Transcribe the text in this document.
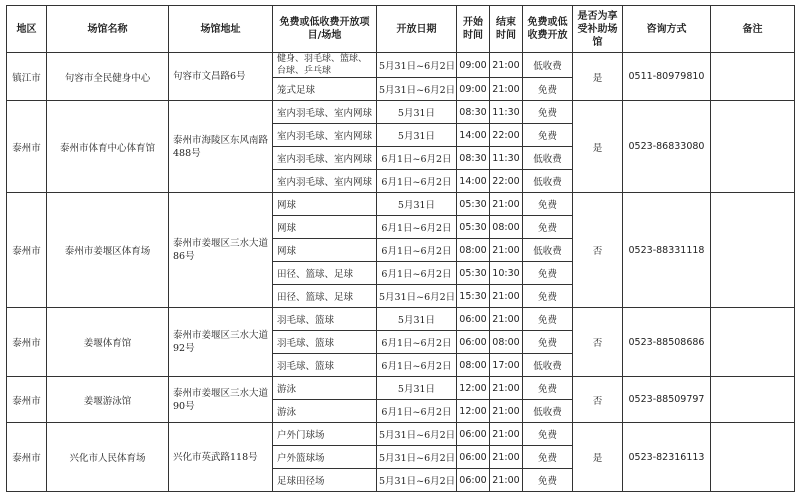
地区	场馆名称	场馆地址	免费或低收费开放项目/场地	开放日期	开始时间	结束时间	免费或低收费开放	是否为享受补助场馆	咨询方式	备注
镇江市	句容市全民健身中心	句容市文昌路6号	健身、羽毛球、篮球、台球、乒乓球	5月31日~6月2日	09:00	21:00	低收费	是	0511-80979810	
			笼式足球	5月31日~6月2日	09:00	21:00	免费			
泰州市	泰州市体育中心体育馆	泰州市海陵区东风南路488号	室内羽毛球、室内网球	5月31日	08:30	11:30	免费	是	0523-86833080	
			室内羽毛球、室内网球	5月31日	14:00	22:00	免费			
			室内羽毛球、室内网球	6月1日~6月2日	08:30	11:30	低收费			
			室内羽毛球、室内网球	6月1日~6月2日	14:00	22:00	低收费			
泰州市	泰州市姜堰区体育场	泰州市姜堰区三水大道86号	网球	5月31日	05:30	21:00	免费	否	0523-88331118	
			网球	6月1日~6月2日	05:30	08:00	免费			
			网球	6月1日~6月2日	08:00	21:00	低收费			
			田径、篮球、足球	6月1日~6月2日	05:30	10:30	免费			
			田径、篮球、足球	5月31日~6月2日	15:30	21:00	免费			
泰州市	姜堰体育馆	泰州市姜堰区三水大道92号	羽毛球、篮球	5月31日	06:00	21:00	免费	否	0523-88508686	
			羽毛球、篮球	6月1日~6月2日	06:00	08:00	免费			
			羽毛球、篮球	6月1日~6月2日	08:00	17:00	低收费			
泰州市	姜堰游泳馆	泰州市姜堰区三水大道90号	游泳	5月31日	12:00	21:00	免费	否	0523-88509797	
			游泳	6月1日~6月2日	12:00	21:00	低收费			
泰州市	兴化市人民体育场	兴化市英武路118号	户外门球场	5月31日~6月2日	06:00	21:00	免费	是	0523-82316113	
			户外篮球场	5月31日~6月2日	06:00	21:00	免费			
			足球田径场	5月31日~6月2日	06:00	21:00	免费			
